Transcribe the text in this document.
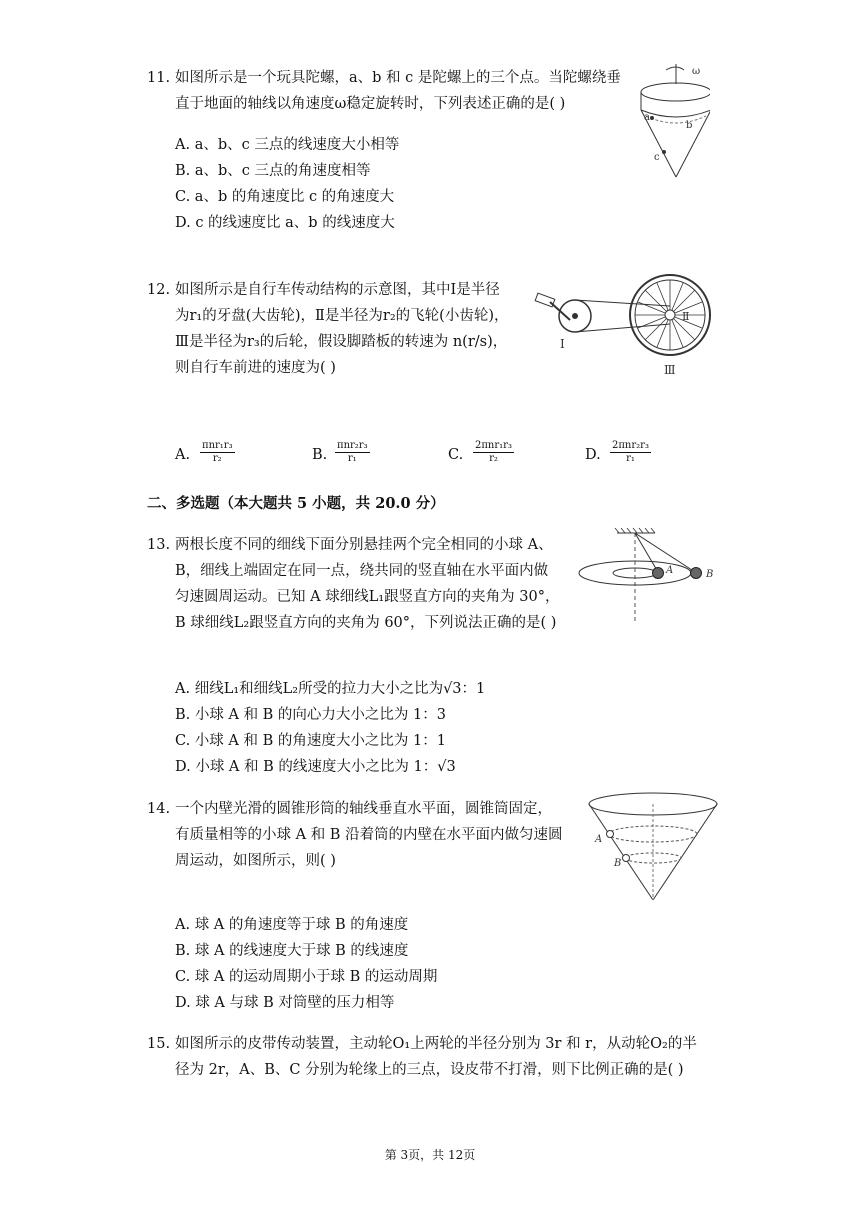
11. 如图所示是一个玩具陀螺，a、b 和 c 是陀螺上的三个点。当陀螺绕垂
直于地面的轴线以角速度ω稳定旋转时，下列表述正确的是( )
A. a、b、c 三点的线速度大小相等
B. a、b、c 三点的角速度相等
C. a、b 的角速度比 c 的角速度大
D. c 的线速度比 a、b 的线速度大
ω
a
b
c
12. 如图所示是自行车传动结构的示意图，其中Ⅰ是半径
为r₁的牙盘(大齿轮)，Ⅱ是半径为r₂的飞轮(小齿轮)，
Ⅲ是半径为r₃的后轮，假设脚踏板的转速为 n(r/s)，
则自行车前进的速度为( )
Ⅰ
Ⅱ
Ⅲ
A.
πnr₁r₃
r₂	B.
πnr₂r₃
r₁	C.
2πnr₁r₃
r₂	D.
2πnr₂r₃
r₁
二、多选题（本大题共 5 小题，共 20.0 分）
13. 两根长度不同的细线下面分别悬挂两个完全相同的小球 A、
B，细线上端固定在同一点，绕共同的竖直轴在水平面内做
匀速圆周运动。已知 A 球细线L₁跟竖直方向的夹角为 30°，
B 球细线L₂跟竖直方向的夹角为 60°，下列说法正确的是( )
A	B
A. 细线L₁和细线L₂所受的拉力大小之比为√3：1
B. 小球 A 和 B 的向心力大小之比为 1：3
C. 小球 A 和 B 的角速度大小之比为 1：1
D. 小球 A 和 B 的线速度大小之比为 1：√3
14. 一个内壁光滑的圆锥形筒的轴线垂直水平面，圆锥筒固定，
有质量相等的小球 A 和 B 沿着筒的内壁在水平面内做匀速圆
周运动，如图所示，则( )
A
B
A. 球 A 的角速度等于球 B 的角速度
B. 球 A 的线速度大于球 B 的线速度
C. 球 A 的运动周期小于球 B 的运动周期
D. 球 A 与球 B 对筒壁的压力相等
15. 如图所示的皮带传动装置，主动轮O₁上两轮的半径分别为 3r 和 r，从动轮O₂的半
径为 2r，A、B、C 分别为轮缘上的三点，设皮带不打滑，则下比例正确的是( )
第 3页，共 12页
